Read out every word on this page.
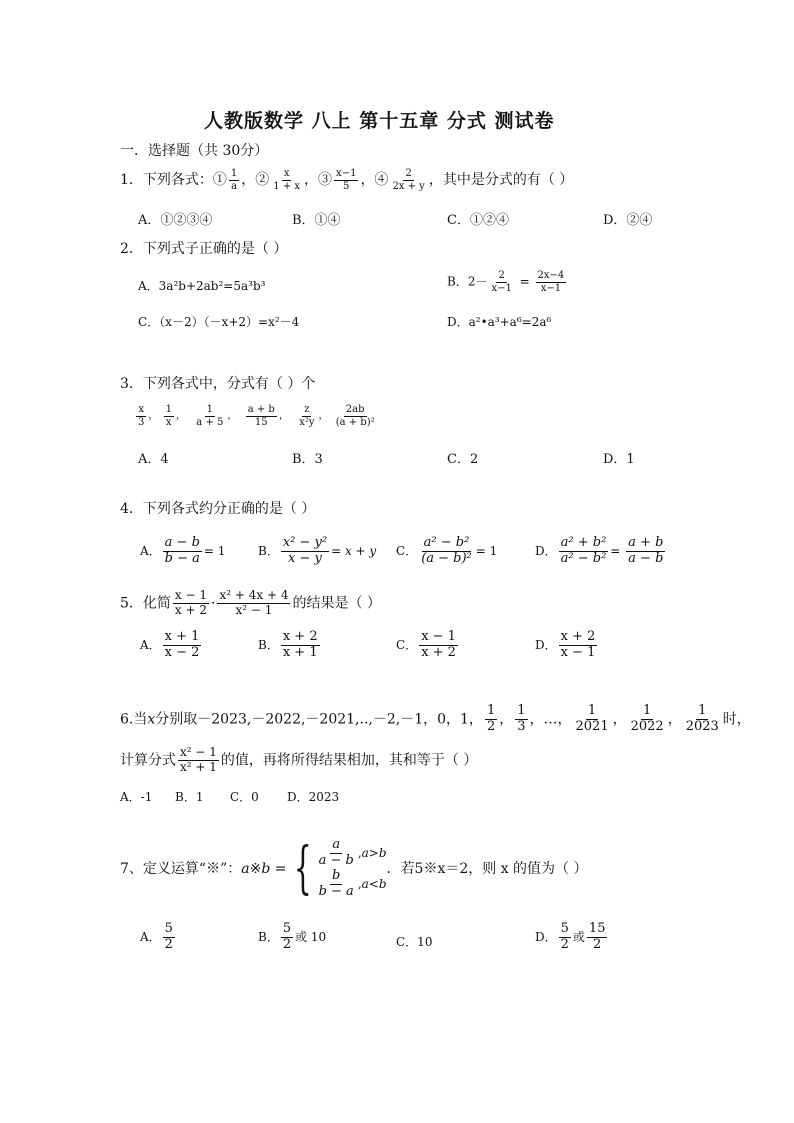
人教版数学 八上 第十五章 分式 测试卷
一．选择题（共 30分）
1．下列各式：① $\frac{1}{a}$ ，② $\frac{x}{1 + x}$ ，③ $\frac{x-1}{5}$ ，④ $\frac{2}{2x + y}$ ，其中是分式的有（ ）
A．①②③④	B．①④	C．①②④	D．②④
2．下列式子正确的是（ ）
A．3a²b+2ab²=5a³b³	B．$2- \frac{2}{x-1} = \frac{2x-4}{x-1}$
C．（x－2）（－x+2）=x²－4	D．a²•a³+a⁶=2a⁶
3．下列各式中，分式有（ ）个
$\frac{x}{3}$ ， $\frac{1}{x}$ ， $\frac{1}{a + 5}$ ， $\frac{a + b}{15}$ ， $\frac{z}{\text{x²y}}$ ， $\frac{2ab}{\text{(a + b)²}}$
A．4	B．3	C．2	D．1
4．下列各式约分正确的是（ ）
A． $\frac{a - b}{b - a} = 1$	B． $\frac{\text{x² − y²}}{x - y} = x + y$ C． $\frac{\text{a² − b²}}{\text{(a − b)²}} = 1$	D． $\frac{\text{a² + b²}}{\text{a² − b²}} = \frac{a + b}{a - b}$
5．化简 $\frac{x - 1}{x + 2} \cdot \frac{\text{x² + 4x + 4}}{\text{x² − 1}}$ 的结果是（ ）
A． $\frac{x + 1}{x - 2}$	B． $\frac{x + 2}{x + 1}$	C． $\frac{x - 1}{x + 2}$	D． $\frac{x + 2}{x - 1}$
6.当x分别取－2023,－2022,－2021,..,－2,－1，0，1， $\frac{1}{2}$ ， $\frac{1}{3}$ ，…， $\frac{1}{2021}$ ， $\frac{1}{2022}$ ， $\frac{1}{2023}$ 时，
计算分式 $\frac{\text{x² − 1}}{\text{x² + 1}}$ 的值，再将所得结果相加，其和等于（ ）
A．-1 B．1 C．0 D．2023
7、定义运算“※”：a※b = { $\frac{a}{a - b}$ , a > b
$\frac{b}{b - a}$ , a < b
．若5※x＝2，则 x 的值为（ ）
A． $\frac{5}{2}$	B． $\frac{5}{2}$ 或 10	C．10	D． $\frac{5}{2}$ 或 $\frac{15}{2}$
